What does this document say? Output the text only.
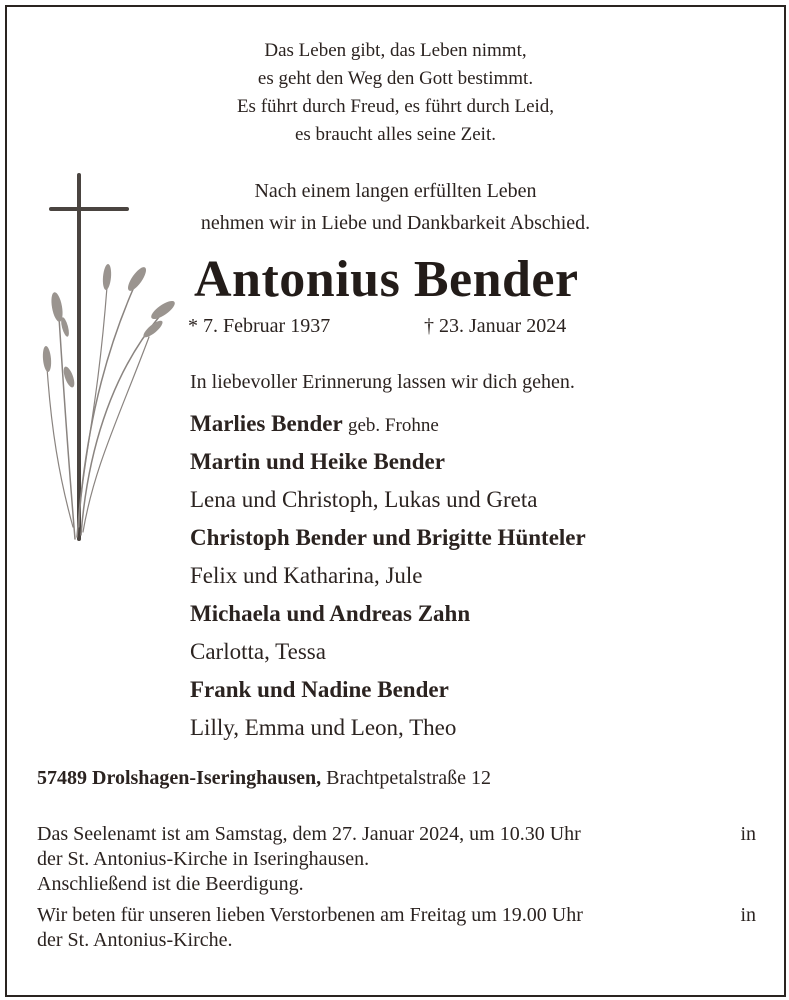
Das Leben gibt, das Leben nimmt,
es geht den Weg den Gott bestimmt.
Es führt durch Freud, es führt durch Leid,
es braucht alles seine Zeit.
Nach einem langen erfüllten Leben
nehmen wir in Liebe und Dankbarkeit Abschied.
Antonius Bender
* 7. Februar 1937	† 23. Januar 2024
In liebevoller Erinnerung lassen wir dich gehen.
Marlies Bender geb. Frohne
Martin und Heike Bender
Lena und Christoph, Lukas und Greta
Christoph Bender und Brigitte Hünteler
Felix und Katharina, Jule
Michaela und Andreas Zahn
Carlotta, Tessa
Frank und Nadine Bender
Lilly, Emma und Leon, Theo
57489 Drolshagen-Iseringhausen, Brachtpetalstraße 12
Das Seelenamt ist am Samstag, dem 27. Januar 2024, um 10.30 Uhr	in
der St. Antonius-Kirche in Iseringhausen.
Anschließend ist die Beerdigung.
Wir beten für unseren lieben Verstorbenen am Freitag um 19.00 Uhr	in
der St. Antonius-Kirche.
